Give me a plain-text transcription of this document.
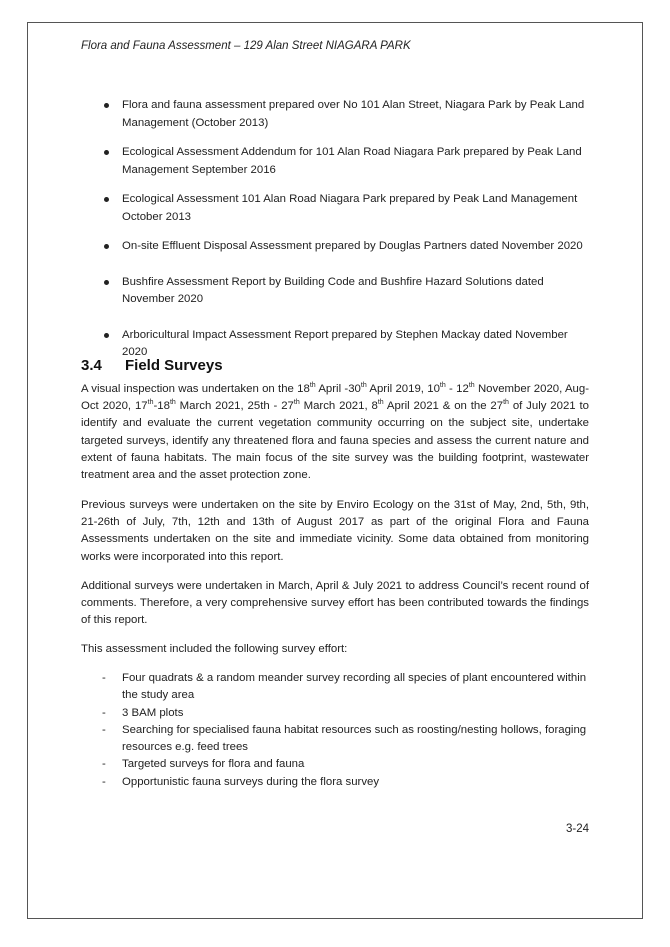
Flora and Fauna Assessment – 129 Alan Street NIAGARA PARK
Flora and fauna assessment prepared over No 101 Alan Street, Niagara Park by Peak Land Management (October 2013)
Ecological Assessment Addendum for 101 Alan Road Niagara Park prepared by Peak Land Management September 2016
Ecological Assessment 101 Alan Road Niagara Park prepared by Peak Land Management October 2013
On-site Effluent Disposal Assessment prepared by Douglas Partners dated November 2020
Bushfire Assessment Report by Building Code and Bushfire Hazard Solutions dated November 2020
Arboricultural Impact Assessment Report prepared by Stephen Mackay dated November 2020
3.4 Field Surveys

A visual inspection was undertaken on the 18th April -30th April 2019, 10th - 12th November 2020, Aug-Oct 2020, 17th-18th March 2021, 25th - 27th March 2021, 8th April 2021 & on the 27th of July 2021 to identify and evaluate the current vegetation community occurring on the subject site, undertake targeted surveys, identify any threatened flora and fauna species and assess the current nature and extent of fauna habitats. The main focus of the site survey was the building footprint, wastewater treatment area and the asset protection zone.

Previous surveys were undertaken on the site by Enviro Ecology on the 31st of May, 2nd, 5th, 9th, 21-26th of July, 7th, 12th and 13th of August 2017 as part of the original Flora and Fauna Assessments undertaken on the site and immediate vicinity. Some data obtained from monitoring works were incorporated into this report.

Additional surveys were undertaken in March, April & July 2021 to address Council’s recent round of comments. Therefore, a very comprehensive survey effort has been contributed towards the findings of this report.

This assessment included the following survey effort:

- Four quadrats & a random meander survey recording all species of plant encountered within the study area
- 3 BAM plots
- Searching for specialised fauna habitat resources such as roosting/nesting hollows, foraging resources e.g. feed trees
- Targeted surveys for flora and fauna
- Opportunistic fauna surveys during the flora survey
3-24
